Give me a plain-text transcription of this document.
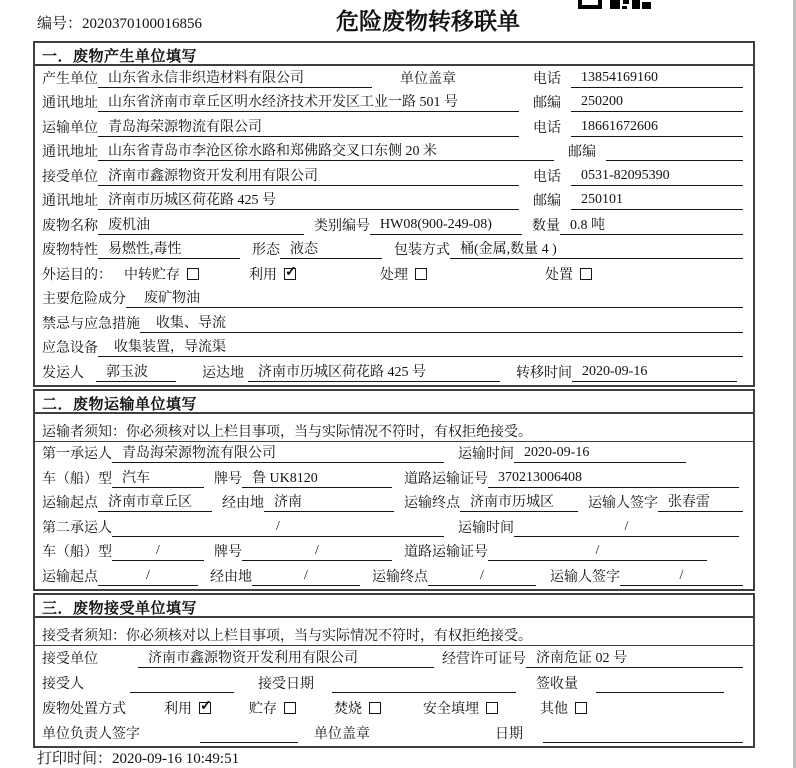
编号：2020370100016856	危险废物转移联单
一．废物产生单位填写
产生单位 山东省永信非织造材料有限公司	单位盖章	电话	13854169160
通讯地址 山东省济南市章丘区明水经济技术开发区工业一路 501 号	邮编	250200
运输单位 青岛海荣源物流有限公司	电话	18661672606
通讯地址 山东省青岛市李沧区徐水路和郑佛路交叉口东侧 20 米	邮编
接受单位 济南市鑫源物资开发利用有限公司	电话	0531-82095390
通讯地址 济南市历城区荷花路 425 号	邮编	250101
废物名称 废机油	类别编号 HW08(900-249-08)	数量 0.8 吨
废物特性 易燃性,毒性	形态 液态	包装方式 桶(金属,数量 4 )
外运目的： 中转贮存	利用 ✓	处理	处置
主要危险成分	废矿物油
禁忌与应急措施	收集、导流
应急设备	收集装置，导流渠
发运人	郭玉波	运达地	济南市历城区荷花路 425 号	转移时间 2020-09-16
二．废物运输单位填写
运输者须知：你必须核对以上栏目事项，当与实际情况不符时，有权拒绝接受。
第一承运人 青岛海荣源物流有限公司	运输时间 2020-09-16
车（船）型 汽车	牌号 鲁 UK8120	道路运输证号 370213006408
运输起点 济南市章丘区	经由地 济南	运输终点 济南市历城区	运输人签字 张春雷
第二承运人	/	运输时间	/
车（船）型	/	牌号	/	道路运输证号	/
运输起点	/	经由地	/	运输终点	/	运输人签字	/
三．废物接受单位填写
接受者须知：你必须核对以上栏目事项，当与实际情况不符时，有权拒绝接受。
接受单位	济南市鑫源物资开发利用有限公司	经营许可证号 济南危证 02 号
接受人	接受日期	签收量
废物处置方式	利用 ✓	贮存	焚烧	安全填埋	其他
单位负责人签字	单位盖章	日期
打印时间：2020-09-16 10:49:51
